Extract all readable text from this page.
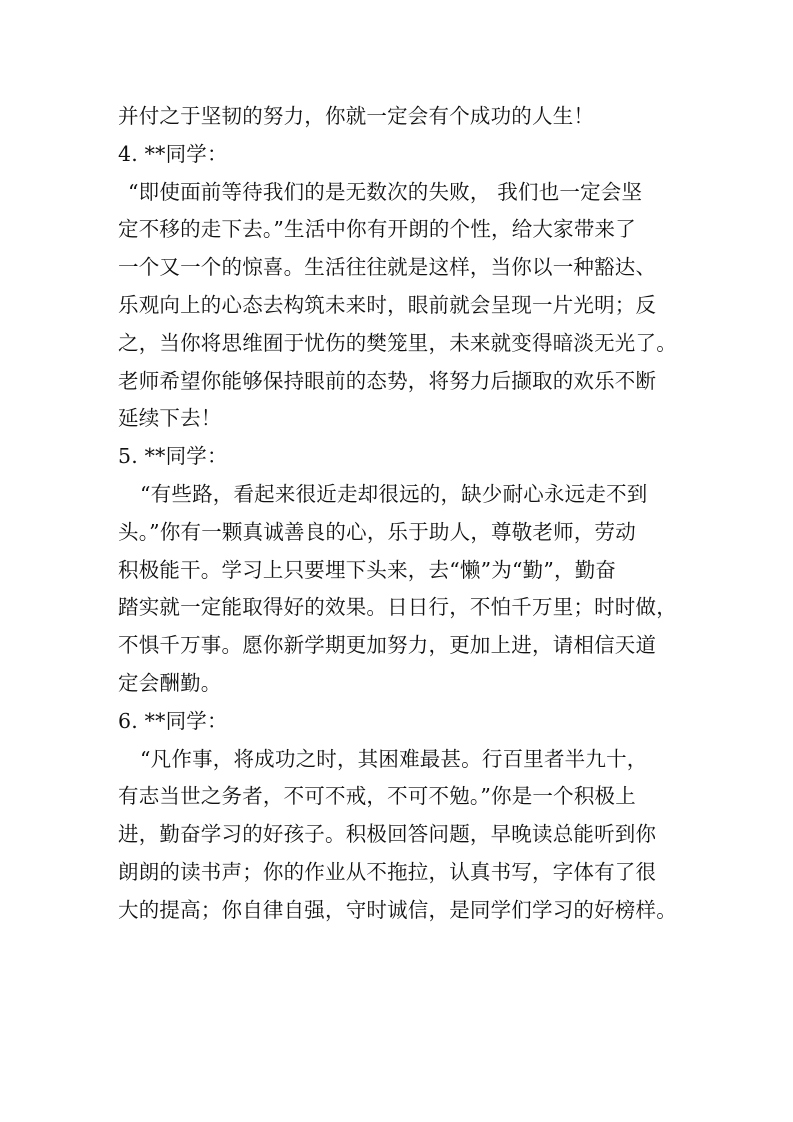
并付之于坚韧的努力，你就一定会有个成功的人生！
4. **同学：
“即使面前等待我们的是无数次的失败， 我们也一定会坚
定不移的走下去。”生活中你有开朗的个性，给大家带来了
一个又一个的惊喜。生活往往就是这样，当你以一种豁达、
乐观向上的心态去构筑未来时，眼前就会呈现一片光明；反
之，当你将思维囿于忧伤的樊笼里，未来就变得暗淡无光了。
老师希望你能够保持眼前的态势，将努力后撷取的欢乐不断
延续下去！
5. **同学：
“有些路，看起来很近走却很远的，缺少耐心永远走不到
头。”你有一颗真诚善良的心，乐于助人，尊敬老师，劳动
积极能干。学习上只要埋下头来，去“懒”为“勤”，勤奋
踏实就一定能取得好的效果。日日行，不怕千万里；时时做，
不惧千万事。愿你新学期更加努力，更加上进，请相信天道
定会酬勤。
6. **同学：
“凡作事，将成功之时，其困难最甚。行百里者半九十，
有志当世之务者，不可不戒，不可不勉。”你是一个积极上
进，勤奋学习的好孩子。积极回答问题，早晚读总能听到你
朗朗的读书声；你的作业从不拖拉，认真书写，字体有了很
大的提高；你自律自强，守时诚信，是同学们学习的好榜样。
